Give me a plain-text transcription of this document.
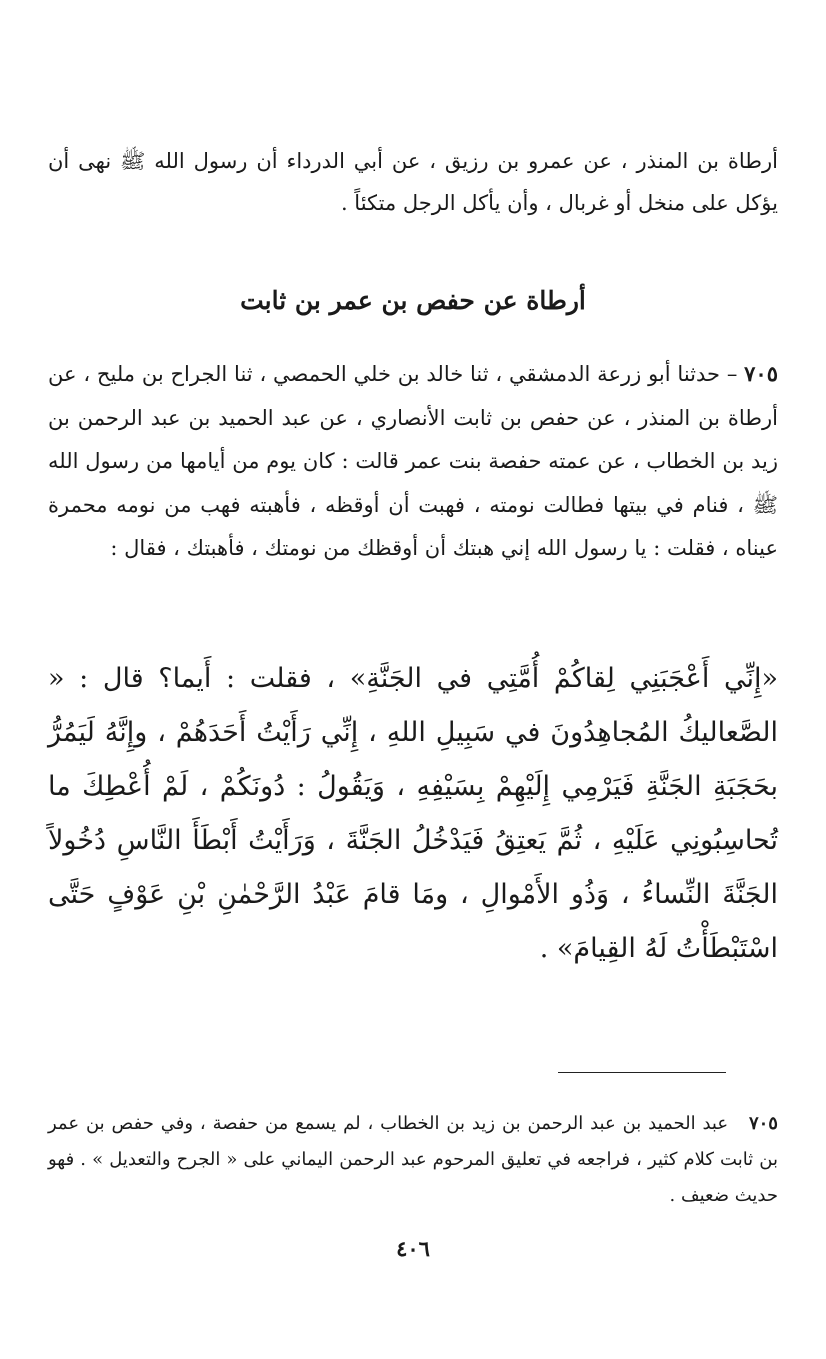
أرطاة بن المنذر ، عن عمرو بن رزيق ، عن أبي الدرداء أن رسول الله ﷺ نهى أن يؤكل على منخل أو غربال ، وأن يأكل الرجل متكئاً .

أرطاة عن حفص بن عمر بن ثابت

٧٠٥ – حدثنا أبو زرعة الدمشقي ، ثنا خالد بن خلي الحمصي ، ثنا الجراح بن مليح ، عن أرطاة بن المنذر ، عن حفص بن ثابت الأنصاري ، عن عبد الحميد بن عبد الرحمن بن زيد بن الخطاب ، عن عمته حفصة بنت عمر قالت : كان يوم من أيامها من رسول الله ﷺ ، فنام في بيتها فطالت نومته ، فهبت أن أوقظه ، فأهبته فهب من نومه محمرة عيناه ، فقلت : يا رسول الله إني هبتك أن أوقظك من نومتك ، فأهبتك ، فقال :

«إِنِّي أَعْجَبَنِي لِقاكُمْ أُمَّتِي في الجَنَّةِ» ، فقلت : أَيما؟ قال : « الصَّعاليكُ المُجاهِدُونَ في سَبِيلِ اللهِ ، إِنِّي رَأَيْتُ أَحَدَهُمْ ، وإِنَّهُ لَيَمُرُّ بحَجَبَةِ الجَنَّةِ فَيَرْمِي إِلَيْهِمْ بِسَيْفِهِ ، وَيَقُولُ : دُونَكُمْ ، لَمْ أُعْطِكَ ما تُحاسِبُونِي عَلَيْهِ ، ثُمَّ يَعتِقُ فَيَدْخُلُ الجَنَّةَ ، وَرَأَيْتُ أَبْطَأَ النَّاسِ دُخُولاً الجَنَّةَ النِّساءُ ، وَذُو الأَمْوالِ ، ومَا قامَ عَبْدُ الرَّحْمٰنِ بْنِ عَوْفٍ حَتَّى اسْتَبْطَأْتُ لَهُ القِيامَ» .

٧٠٥ عبد الحميد بن عبد الرحمن بن زيد بن الخطاب ، لم يسمع من حفصة ، وفي حفص بن عمر بن ثابت كلام كثير ، فراجعه في تعليق المرحوم عبد الرحمن اليماني على « الجرح والتعديل » . فهو حديث ضعيف .

٤٠٦
